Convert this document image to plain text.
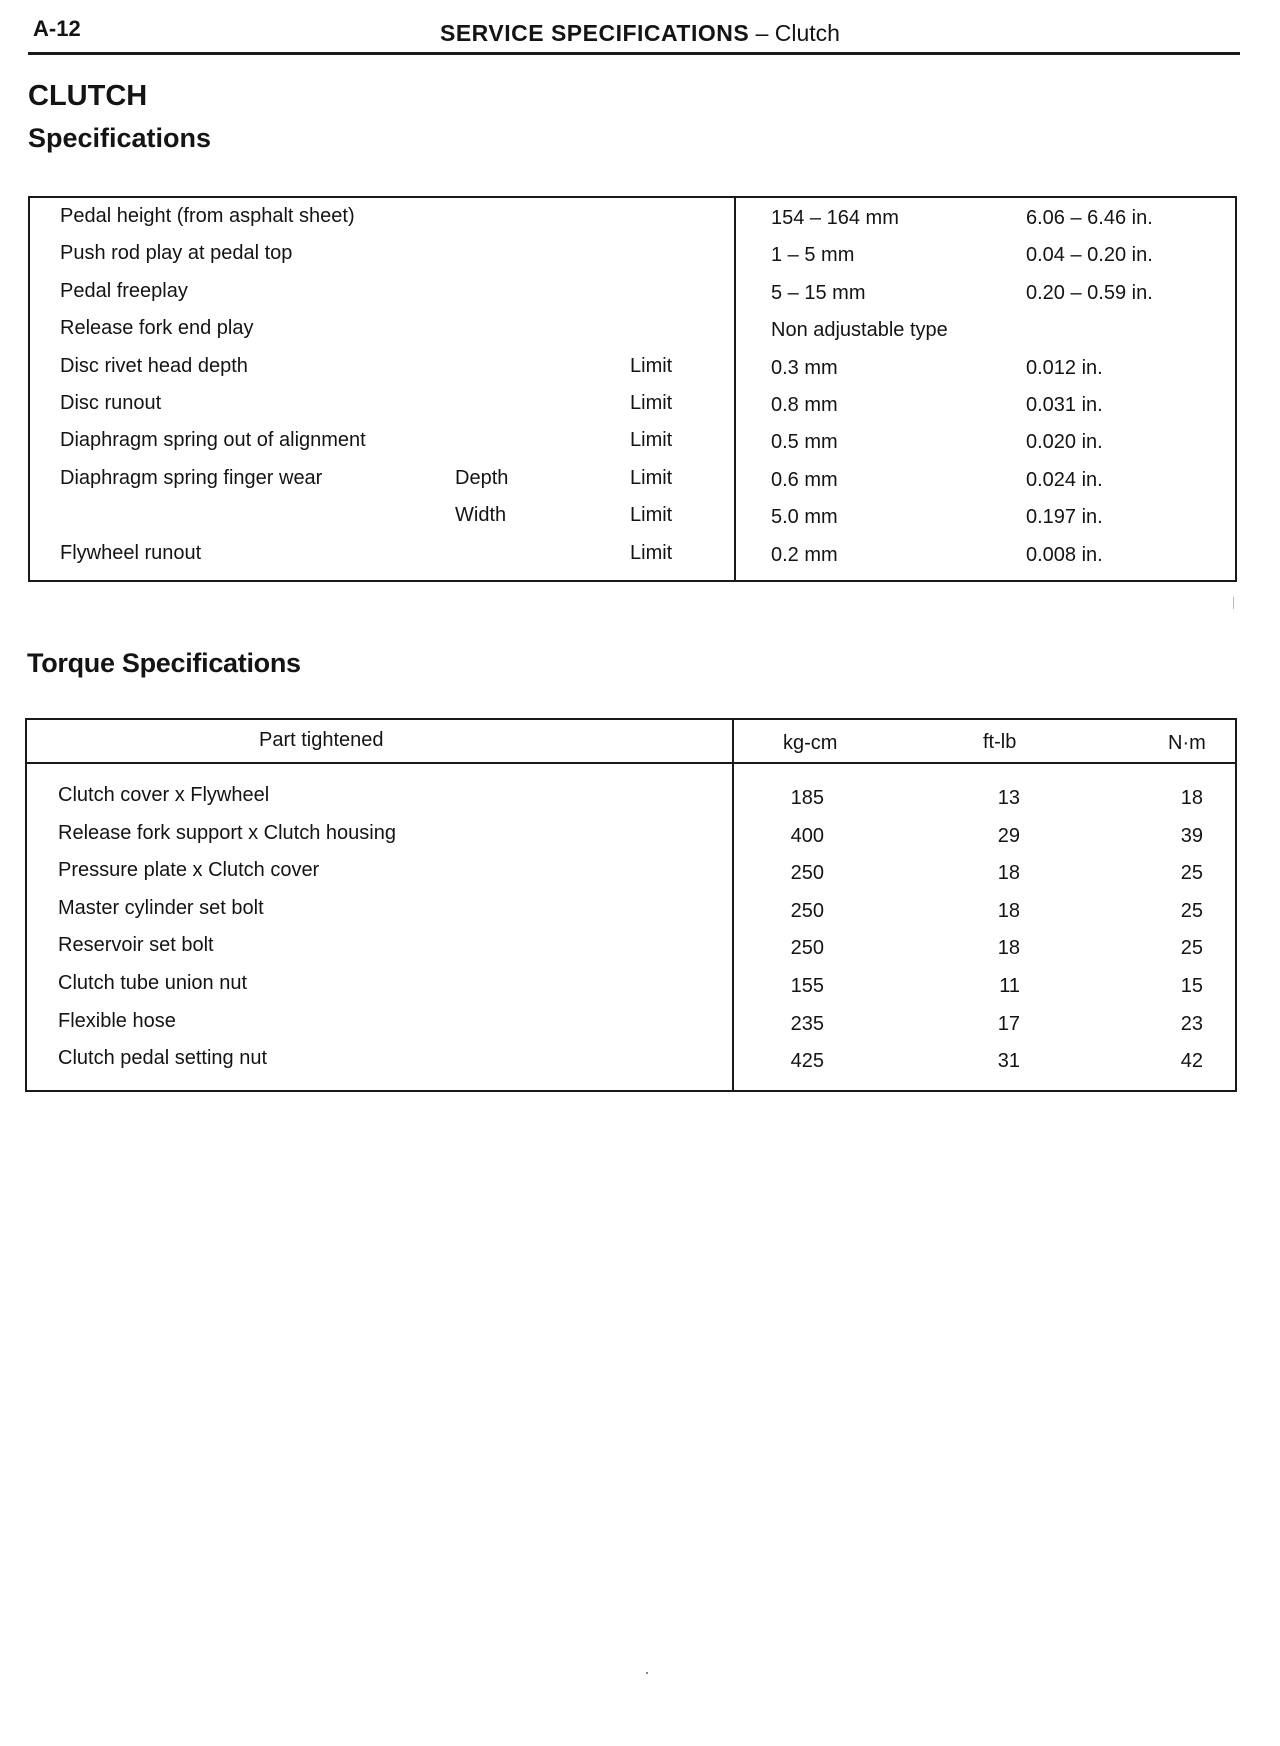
A-12	SERVICE SPECIFICATIONS – Clutch
CLUTCH
Specifications
Pedal height (from asphalt sheet)	154 – 164 mm	6.06 – 6.46 in.
Push rod play at pedal top	1 – 5 mm	0.04 – 0.20 in.
Pedal freeplay	5 – 15 mm	0.20 – 0.59 in.
Release fork end play	Non adjustable type
Disc rivet head depth	Limit	0.3 mm	0.012 in.
Disc runout	Limit	0.8 mm	0.031 in.
Diaphragm spring out of alignment	Limit	0.5 mm	0.020 in.
Diaphragm spring finger wear	Depth	Limit	0.6 mm	0.024 in.
Width	Limit	5.0 mm	0.197 in.
Flywheel runout	Limit	0.2 mm	0.008 in.
Torque Specifications
Part tightened	kg-cm	ft-lb	N·m
Clutch cover x Flywheel	185	13	18
Release fork support x Clutch housing	400	29	39
Pressure plate x Clutch cover	250	18	25
Master cylinder set bolt	250	18	25
Reservoir set bolt	250	18	25
Clutch tube union nut	155	11	15
Flexible hose	235	17	23
Clutch pedal setting nut	425	31	42
